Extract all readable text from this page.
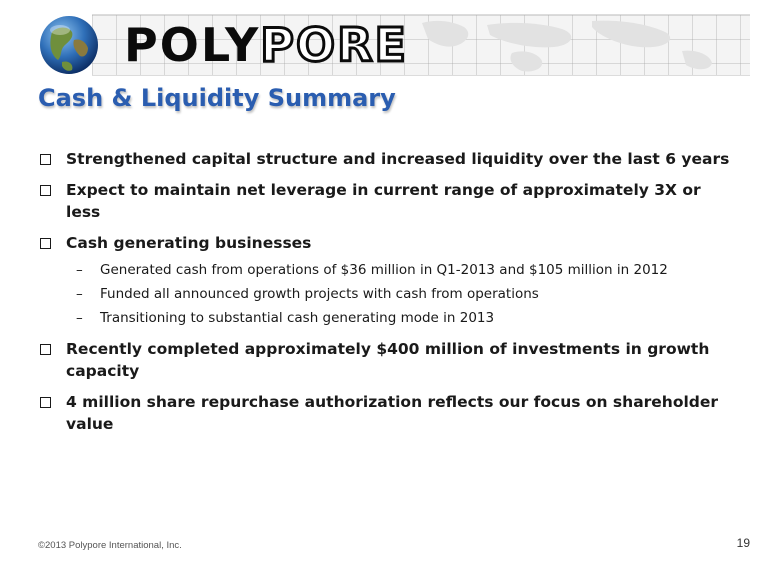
POLYPORE
Cash & Liquidity Summary
Strengthened capital structure and increased liquidity over the last 6 years
Expect to maintain net leverage in current range of approximately 3X or less
Cash generating businesses
– Generated cash from operations of $36 million in Q1-2013 and $105 million in 2012
– Funded all announced growth projects with cash from operations
– Transitioning to substantial cash generating mode in 2013
Recently completed approximately $400 million of investments in growth capacity
4 million share repurchase authorization reflects our focus on shareholder value
©2013 Polypore International, Inc.	19
